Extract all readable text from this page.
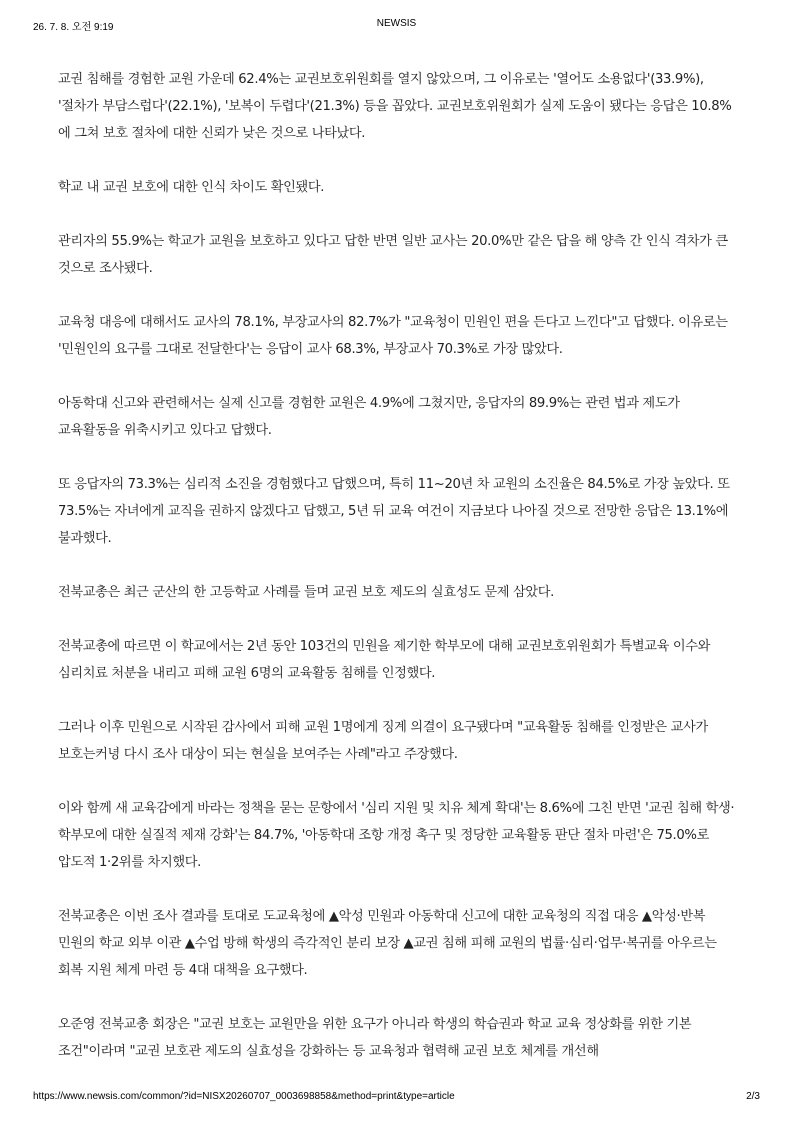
26. 7. 8. 오전 9:19	NEWSIS

교권 침해를 경험한 교원 가운데 62.4%는 교권보호위원회를 열지 않았으며, 그 이유로는 '열어도 소용없다'(33.9%), '절차가 부담스럽다'(22.1%), '보복이 두렵다'(21.3%) 등을 꼽았다. 교권보호위원회가 실제 도움이 됐다는 응답은 10.8%에 그쳐 보호 절차에 대한 신뢰가 낮은 것으로 나타났다.

학교 내 교권 보호에 대한 인식 차이도 확인됐다.

관리자의 55.9%는 학교가 교원을 보호하고 있다고 답한 반면 일반 교사는 20.0%만 같은 답을 해 양측 간 인식 격차가 큰 것으로 조사됐다.

교육청 대응에 대해서도 교사의 78.1%, 부장교사의 82.7%가 "교육청이 민원인 편을 든다고 느낀다"고 답했다. 이유로는 '민원인의 요구를 그대로 전달한다'는 응답이 교사 68.3%, 부장교사 70.3%로 가장 많았다.

아동학대 신고와 관련해서는 실제 신고를 경험한 교원은 4.9%에 그쳤지만, 응답자의 89.9%는 관련 법과 제도가 교육활동을 위축시키고 있다고 답했다.

또 응답자의 73.3%는 심리적 소진을 경험했다고 답했으며, 특히 11~20년 차 교원의 소진율은 84.5%로 가장 높았다. 또 73.5%는 자녀에게 교직을 권하지 않겠다고 답했고, 5년 뒤 교육 여건이 지금보다 나아질 것으로 전망한 응답은 13.1%에 불과했다.

전북교총은 최근 군산의 한 고등학교 사례를 들며 교권 보호 제도의 실효성도 문제 삼았다.

전북교총에 따르면 이 학교에서는 2년 동안 103건의 민원을 제기한 학부모에 대해 교권보호위원회가 특별교육 이수와 심리치료 처분을 내리고 피해 교원 6명의 교육활동 침해를 인정했다.

그러나 이후 민원으로 시작된 감사에서 피해 교원 1명에게 징계 의결이 요구됐다며 "교육활동 침해를 인정받은 교사가 보호는커녕 다시 조사 대상이 되는 현실을 보여주는 사례"라고 주장했다.

이와 함께 새 교육감에게 바라는 정책을 묻는 문항에서 '심리 지원 및 치유 체계 확대'는 8.6%에 그친 반면 '교권 침해 학생·학부모에 대한 실질적 제재 강화'는 84.7%, '아동학대 조항 개정 촉구 및 정당한 교육활동 판단 절차 마련'은 75.0%로 압도적 1·2위를 차지했다.

전북교총은 이번 조사 결과를 토대로 도교육청에 ▲악성 민원과 아동학대 신고에 대한 교육청의 직접 대응 ▲악성·반복 민원의 학교 외부 이관 ▲수업 방해 학생의 즉각적인 분리 보장 ▲교권 침해 피해 교원의 법률·심리·업무·복귀를 아우르는 회복 지원 체계 마련 등 4대 대책을 요구했다.

오준영 전북교총 회장은 "교권 보호는 교원만을 위한 요구가 아니라 학생의 학습권과 학교 교육 정상화를 위한 기본 조건"이라며 "교권 보호관 제도의 실효성을 강화하는 등 교육청과 협력해 교권 보호 체계를 개선해

https://www.newsis.com/common/?id=NISX20260707_0003698858&method=print&type=article	2/3
